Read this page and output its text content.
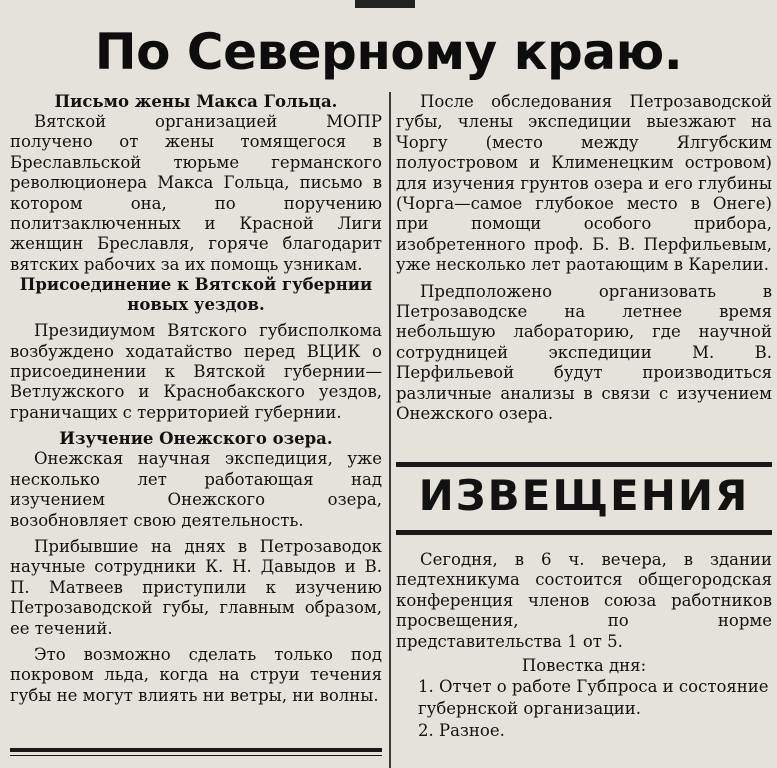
По Северному краю.

Письмо жены Макса Гольца.

Вятской организацией МОПР получено от жены томящегося в Бреславльской тюрьме германского революционера Макса Гольца, письмо в котором она, по поручению политзаключенных и Красной Лиги женщин Бреславля, горяче благодарит вятских рабочих за их помощь узникам.

Присоединение к Вятской губернии новых уездов.

Президиумом Вятского губисполкома возбуждено ходатайство перед ВЦИК о присоединении к Вятской губернии—Ветлужского и Краснобакского уездов, граничащих с территорией губернии.

Изучение Онежского озера.

Онежская научная экспедиция, уже несколько лет работающая над изучением Онежского озера, возобновляет свою деятельность.

Прибывшие на днях в Петрозаводок научные сотрудники К. Н. Давыдов и В. П. Матвеев приступили к изучению Петрозаводской губы, главным образом, ее течений.

Это возможно сделать только под покровом льда, когда на струи течения губы не могут влиять ни ветры, ни волны.

После обследования Петрозаводской губы, члены экспедиции выезжают на Чоргу (место между Ялгубским полуостровом и Клименецким островом) для изучения грунтов озера и его глубины (Чорга—самое глубокое место в Онеге) при помощи особого прибора, изобретенного проф. Б. В. Перфильевым, уже несколько лет раотающим в Карелии.

Предположено организовать в Петрозаводске на летнее время небольшую лабораторию, где научной сотрудницей экспедиции М. В. Перфильевой будут производиться различные анализы в связи с изучением Онежского озера.

ИЗВЕЩЕНИЯ

Сегодня, в 6 ч. вечера, в здании педтехникума состоится общегородская конференция членов союза работников просвещения, по норме представительства 1 от 5.

Повестка дня:

1. Отчет о работе Губпроса и состояние губернской организации.

2. Разное.
